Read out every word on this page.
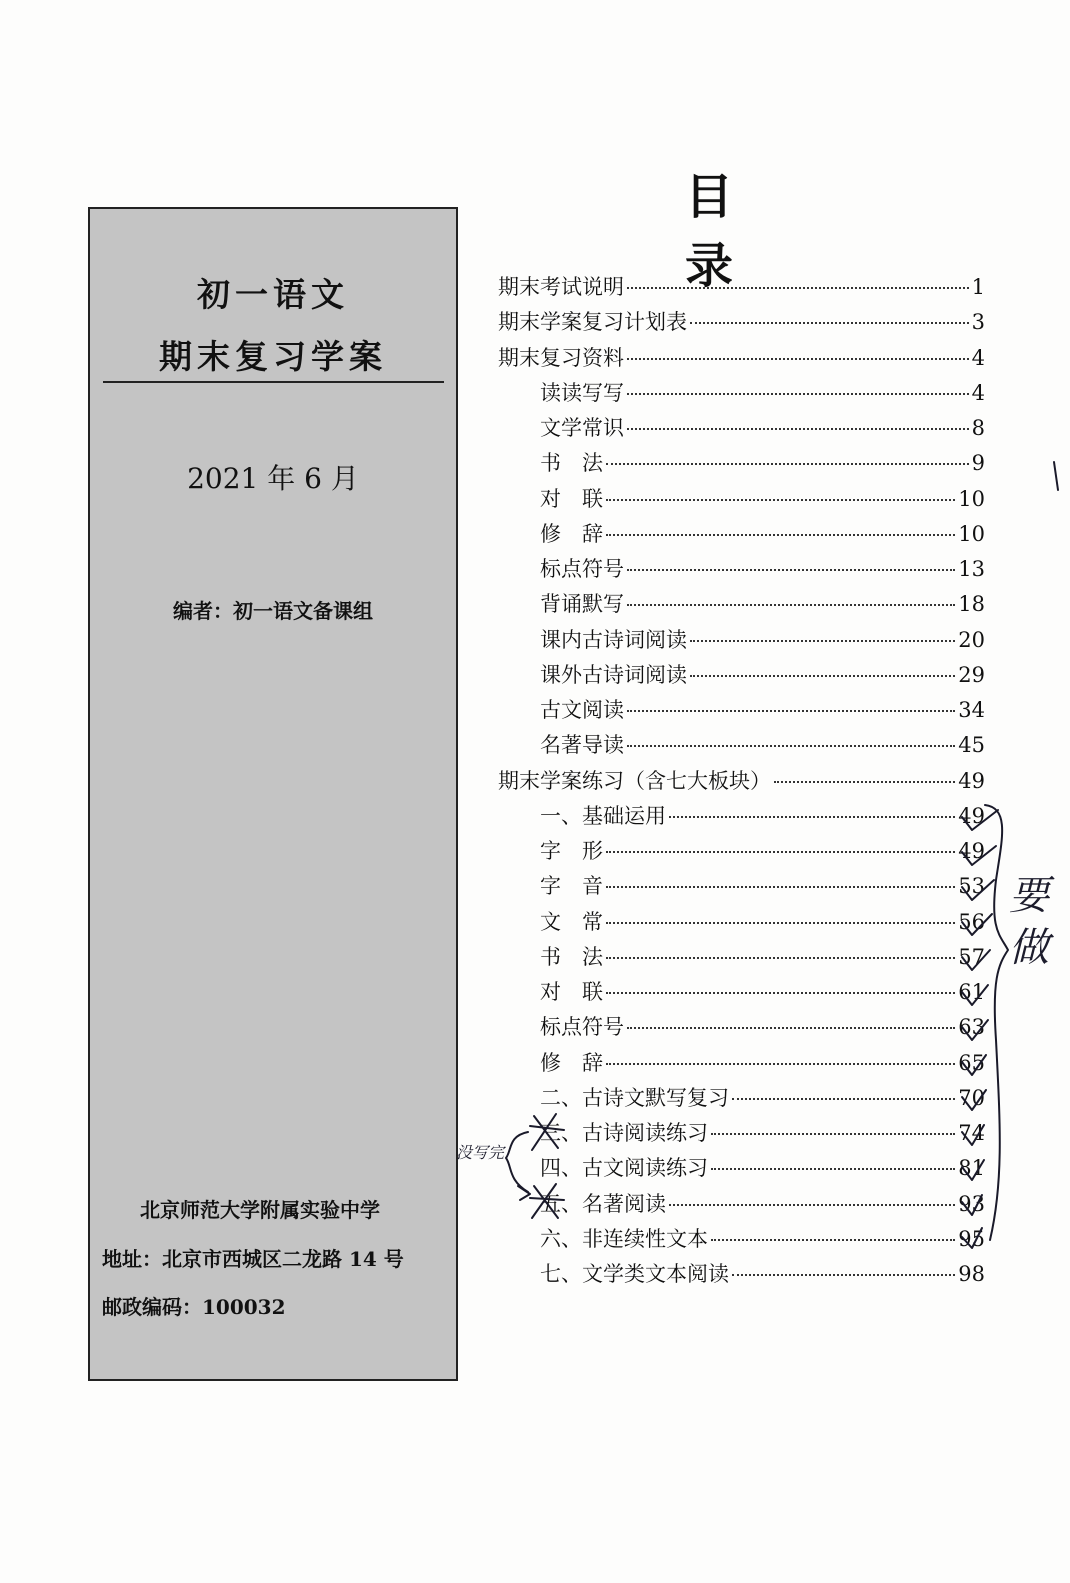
初一语文
期末复习学案
2021 年 6 月
编者：初一语文备课组
北京师范大学附属实验中学
地址：北京市西城区二龙路 14 号
邮政编码：100032
目 录
期末考试说明	1
期末学案复习计划表	3
期末复习资料	4
读读写写	4
文学常识	8
书　法	9
对　联	10
修　辞	10
标点符号	13
背诵默写	18
课内古诗词阅读	20
课外古诗词阅读	29
古文阅读	34
名著导读	45
期末学案练习（含七大板块）	49
一、基础运用	49
字　形	49
字　音	53
文　常	56
书　法	57
对　联	61
标点符号	63
修　辞	65
二、古诗文默写复习	70
三、古诗阅读练习	74
四、古文阅读练习	81
五、名著阅读	93
六、非连续性文本	95
七、文学类文本阅读	98
要
做
没写完
